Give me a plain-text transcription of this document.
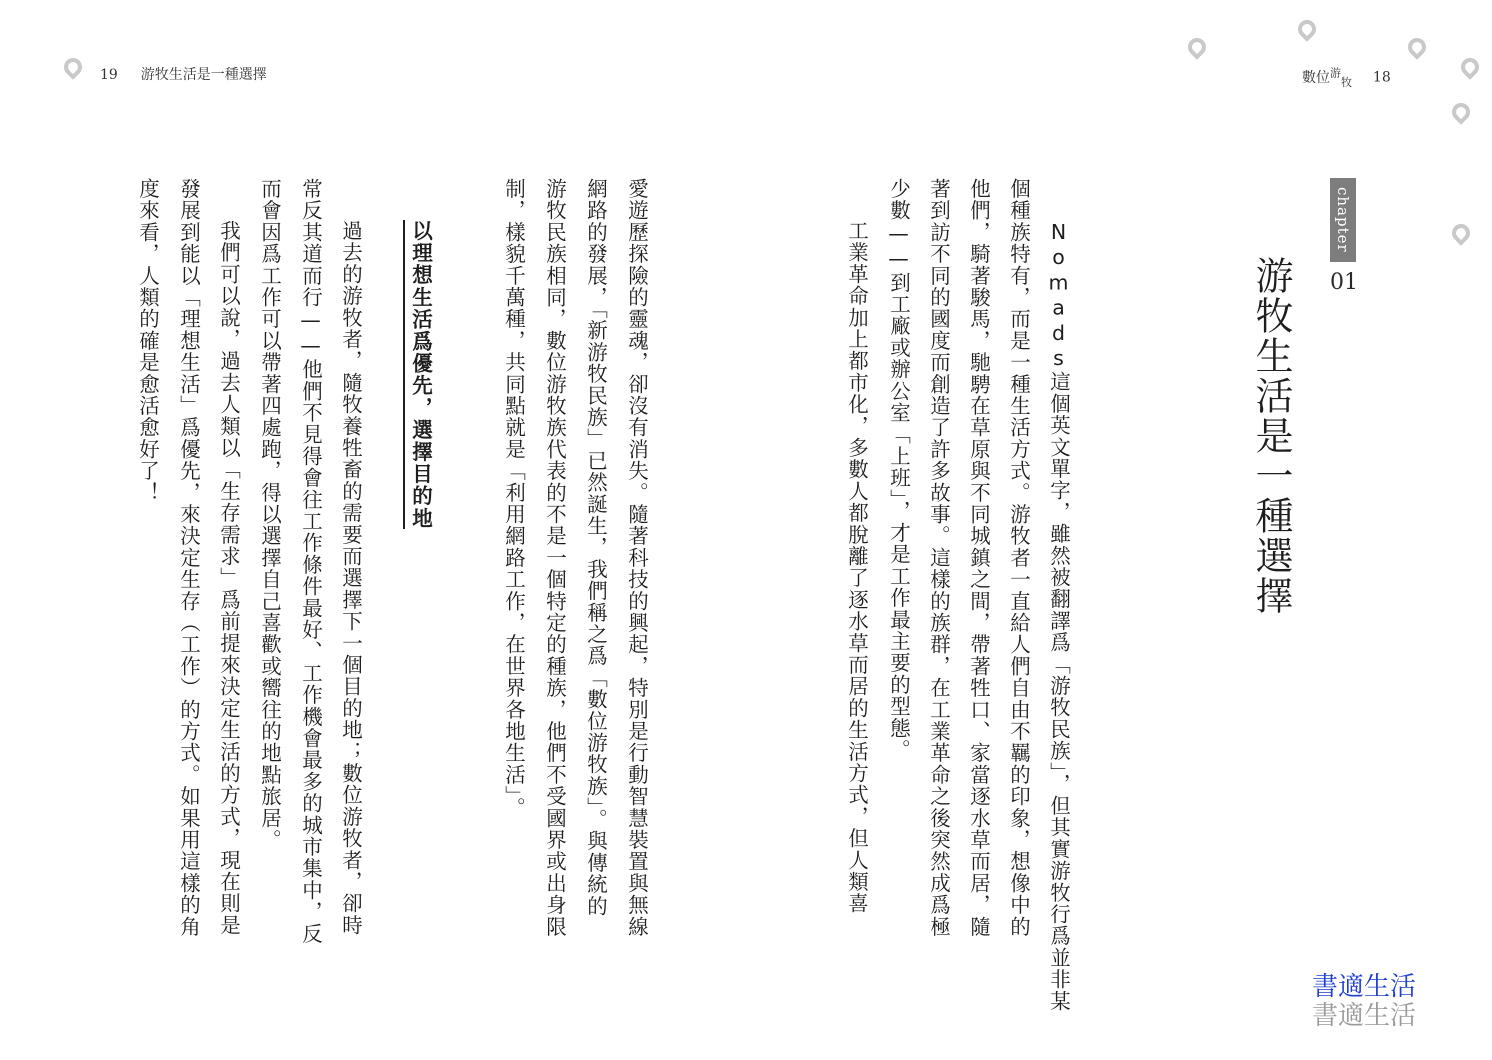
19 游牧生活是一種選擇	數位$^游_牧$ 18
chapter
01
游牧生活是一種選擇
Nomads這個英文單字，雖然被翻譯爲「游牧民族」，但其實游牧行爲並非某
個種族特有，而是一種生活方式。游牧者一直給人們自由不羈的印象，想像中的
他們，騎著駿馬，馳騁在草原與不同城鎮之間，帶著牲口、家當逐水草而居，隨
著到訪不同的國度而創造了許多故事。這樣的族群，在工業革命之後突然成爲極
少數——到工廠或辦公室「上班」，才是工作最主要的型態。
工業革命加上都市化，多數人都脫離了逐水草而居的生活方式，但人類喜
愛遊歷探險的靈魂，卻沒有消失。隨著科技的興起，特別是行動智慧裝置與無線
網路的發展，「新游牧民族」已然誕生，我們稱之爲「數位游牧族」。與傳統的
游牧民族相同，數位游牧族代表的不是一個特定的種族，他們不受國界或出身限
制，樣貌千萬種，共同點就是「利用網路工作，在世界各地生活」。
以理想生活爲優先，選擇目的地
過去的游牧者，隨牧養牲畜的需要而選擇下一個目的地；數位游牧者，卻時
常反其道而行——他們不見得會往工作條件最好、工作機會最多的城市集中，反
而會因爲工作可以帶著四處跑，得以選擇自己喜歡或嚮往的地點旅居。
我們可以說，過去人類以「生存需求」爲前提來決定生活的方式，現在則是
發展到能以「理想生活」爲優先，來決定生存（工作）的方式。如果用這樣的角
度來看，人類的確是愈活愈好了！
書適生活
書適生活
